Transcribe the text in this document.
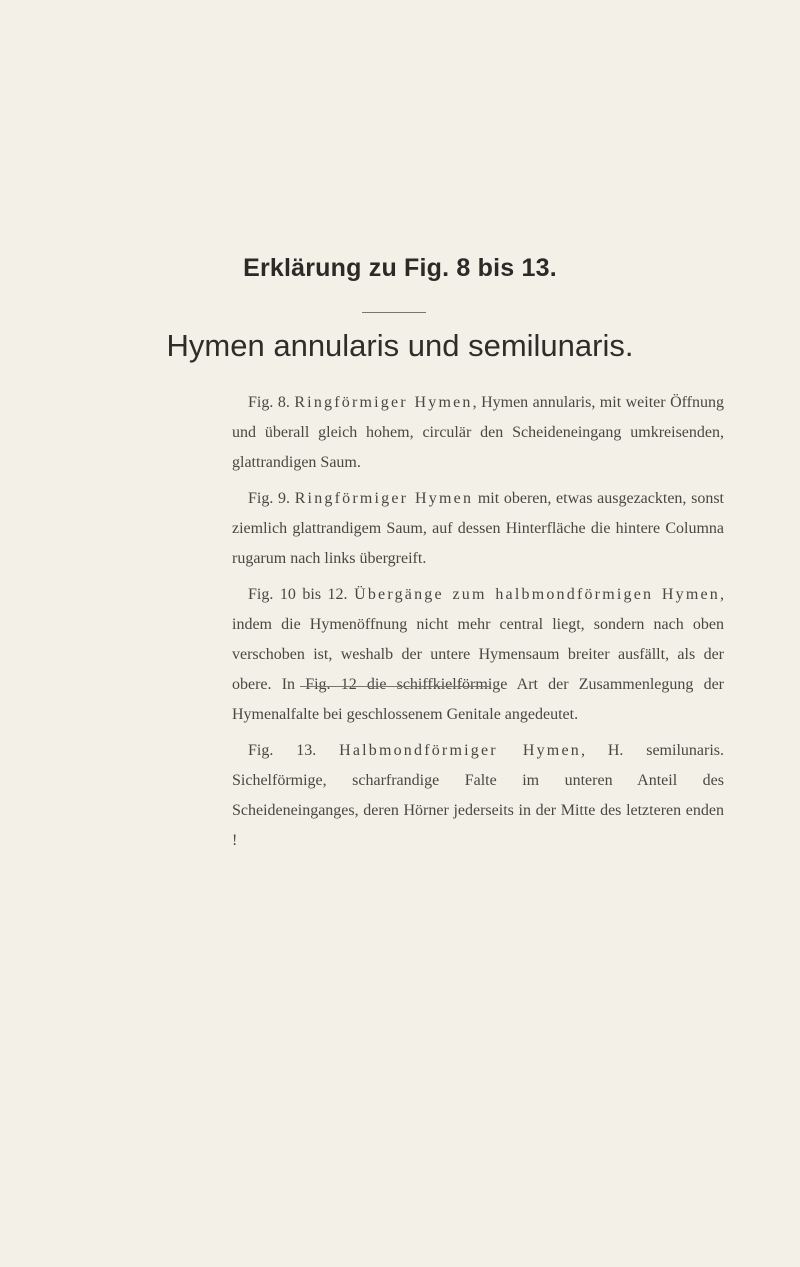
Erklärung zu Fig. 8 bis 13.
Hymen annularis und semilunaris.

Fig. 8. Ringförmiger Hymen, Hymen annularis, mit weiter Öffnung und überall gleich hohem, circulär den Scheideneingang umkreisenden, glattrandigen Saum.

Fig. 9. Ringförmiger Hymen mit oberen, etwas ausgezackten, sonst ziemlich glattrandigem Saum, auf dessen Hinterfläche die hintere Columna rugarum nach links übergreift.

Fig. 10 bis 12. Übergänge zum halbmondförmigen Hymen, indem die Hymenöffnung nicht mehr central liegt, sondern nach oben verschoben ist, weshalb der untere Hymensaum breiter ausfällt, als der obere. In Fig. 12 die schiffkielförmige Art der Zusammenlegung der Hymenalfalte bei geschlossenem Genitale angedeutet.

Fig. 13. Halbmondförmiger Hymen, H. semilunaris. Sichelförmige, scharfrandige Falte im unteren Anteil des Scheideneinganges, deren Hörner jederseits in der Mitte des letzteren enden !
